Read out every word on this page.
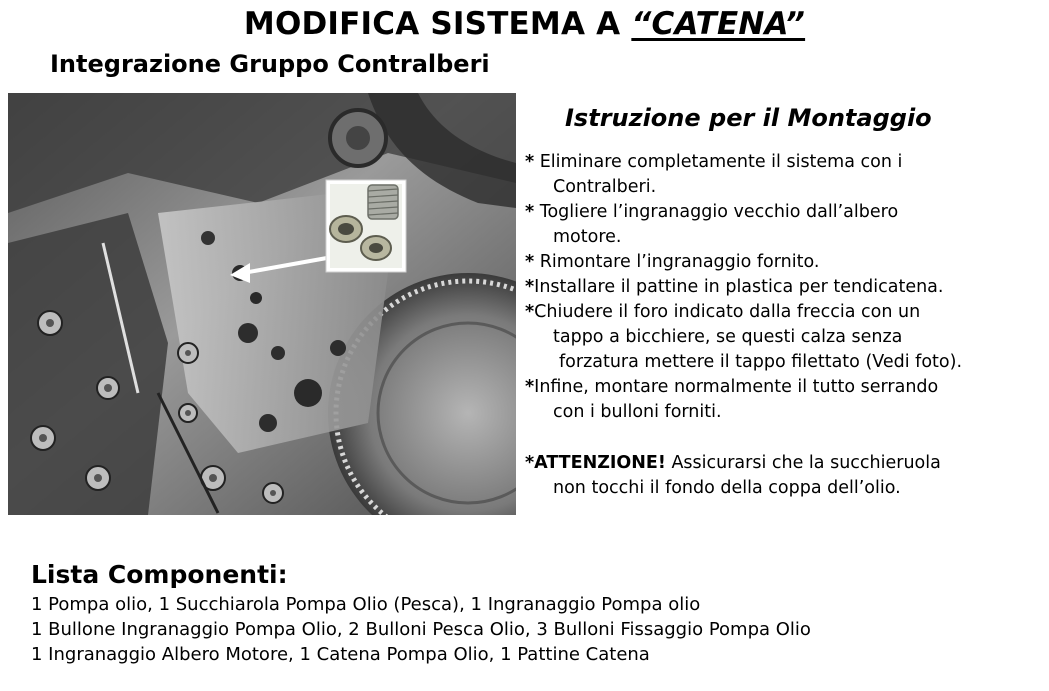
MODIFICA SISTEMA A “CATENA”
Integrazione Gruppo Contralberi
Istruzione per il Montaggio
* Eliminare completamente il sistema con i
Contralberi.
* Togliere l’ingranaggio vecchio dall’albero
motore.
* Rimontare l’ingranaggio fornito.
*Installare il pattine in plastica per tendicatena.
*Chiudere il foro indicato dalla freccia con un
tappo a bicchiere, se questi calza senza
forzatura mettere il tappo filettato (Vedi foto).
*Infine, montare normalmente il tutto serrando
con i bulloni forniti.
*ATTENZIONE! Assicurarsi che la succhieruola
non tocchi il fondo della coppa dell’olio.
Lista Componenti:
1 Pompa olio, 1 Succhiarola Pompa Olio (Pesca), 1 Ingranaggio Pompa olio
1 Bullone Ingranaggio Pompa Olio, 2 Bulloni Pesca Olio, 3 Bulloni Fissaggio Pompa Olio
1 Ingranaggio Albero Motore, 1 Catena Pompa Olio, 1 Pattine Catena
